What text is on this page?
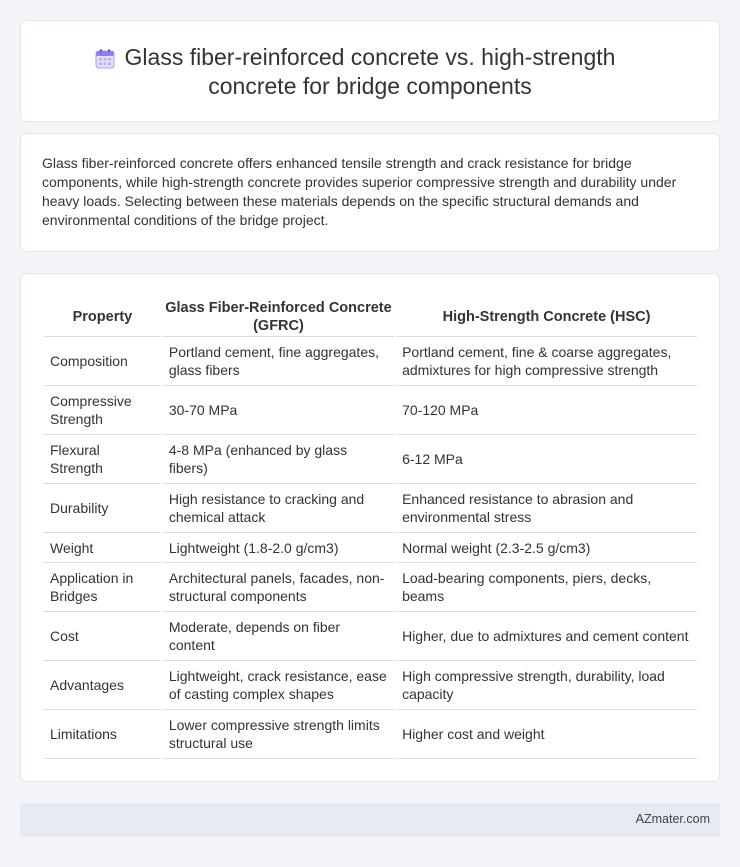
Glass fiber-reinforced concrete vs. high-strength
concrete for bridge components

Glass fiber-reinforced concrete offers enhanced tensile strength and crack resistance for bridge components, while high-strength concrete provides superior compressive strength and durability under heavy loads. Selecting between these materials depends on the specific structural demands and environmental conditions of the bridge project.

Property	Glass Fiber-Reinforced Concrete (GFRC)	High-Strength Concrete (HSC)
Composition	Portland cement, fine aggregates, glass fibers	Portland cement, fine & coarse aggregates, admixtures for high compressive strength
Compressive Strength	30-70 MPa	70-120 MPa
Flexural Strength	4-8 MPa (enhanced by glass fibers)	6-12 MPa
Durability	High resistance to cracking and chemical attack	Enhanced resistance to abrasion and environmental stress
Weight	Lightweight (1.8-2.0 g/cm3)	Normal weight (2.3-2.5 g/cm3)
Application in Bridges	Architectural panels, facades, non-structural components	Load-bearing components, piers, decks, beams
Cost	Moderate, depends on fiber content	Higher, due to admixtures and cement content
Advantages	Lightweight, crack resistance, ease of casting complex shapes	High compressive strength, durability, load capacity
Limitations	Lower compressive strength limits structural use	Higher cost and weight
AZmater.com
